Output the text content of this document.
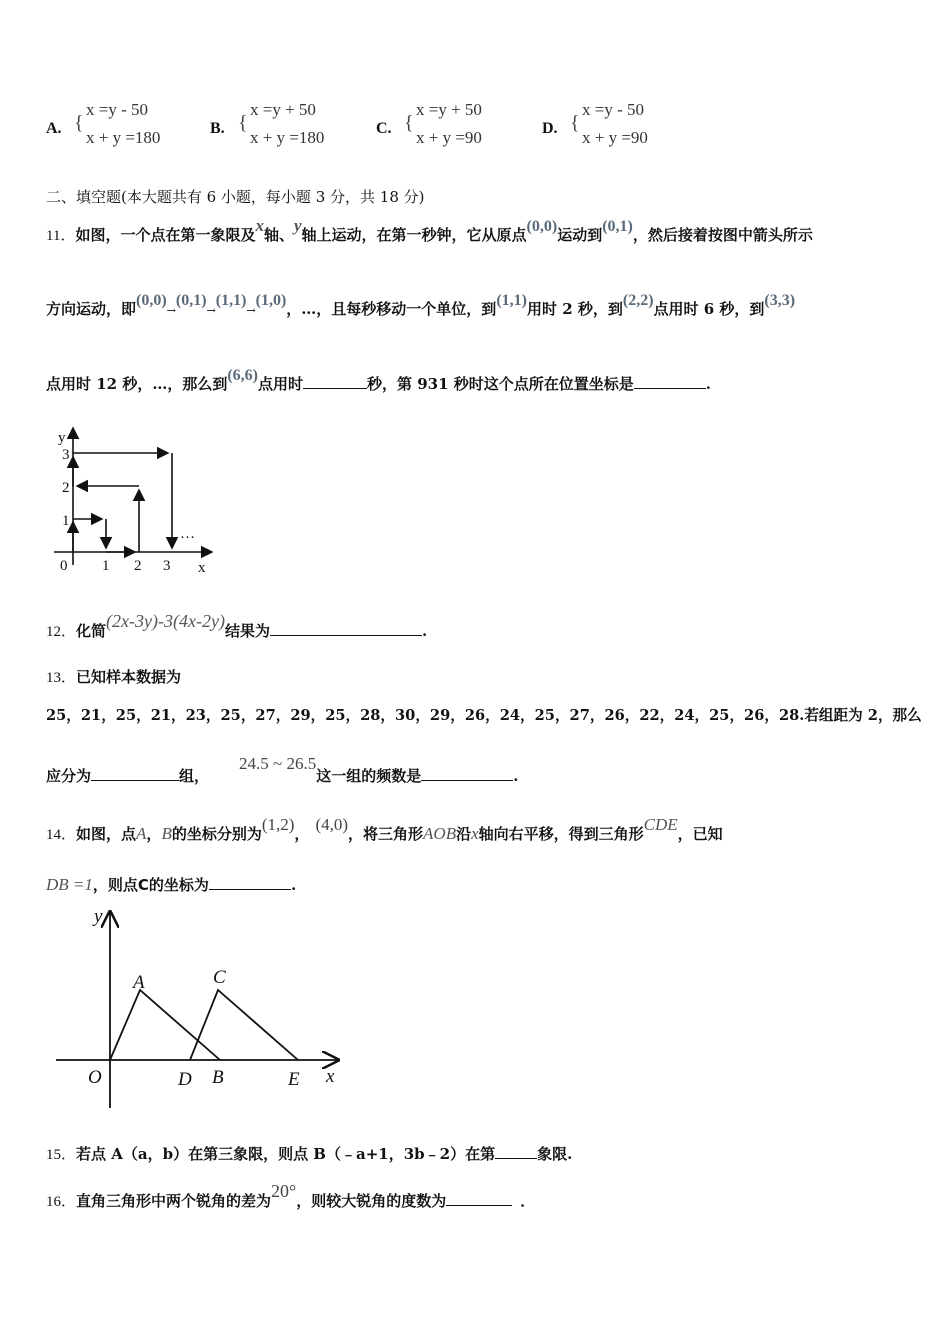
A. {
x =y - 50
x + y =180	B. {
x =y + 50
x + y =180	C. {
x =y + 50
x + y =90	D. {
x =y - 50
x + y =90
二、填空题(本大题共有 6 小题，每小题 3 分，共 18 分)
11．如图，一个点在第一象限及x轴、y轴上运动，在第一秒钟，它从原点(0,0)运动到(0,1)，然后接着按图中箭头所示
方向运动，即(0,0)→(0,1)→(1,1)→(1,0)，…，且每秒移动一个单位，到(1,1)用时 2 秒，到(2,2)点用时 6 秒，到(3,3)
点用时 12 秒，…，那么到(6,6)点用时	秒，第 931 秒时这个点所在位置坐标是	.
y
x
0 1 2 3
1
2
3
…
12．化简(2x-3y)-3(4x-2y)结果为	.
13．已知样本数据为
25，21，25，21，23，25，27，29，25，28，30，29，26，24，25，27，26，22，24，25，26，28.若组距为 2，那么
应分为	组，24.5 ~ 26.5这一组的频数是	.
14．如图，点A，B的坐标分别为(1,2)， (4,0)，将三角形AOB沿x轴向右平移，得到三角形CDE，已知
DB =1，则点C的坐标为	.
y
x
O
A
B
C
D	E
15．若点 A（a，b）在第三象限，则点 B（﹣a+1，3b﹣2）在第	象限.
16．直角三角形中两个锐角的差为20°，则较大锐角的度数为	．
